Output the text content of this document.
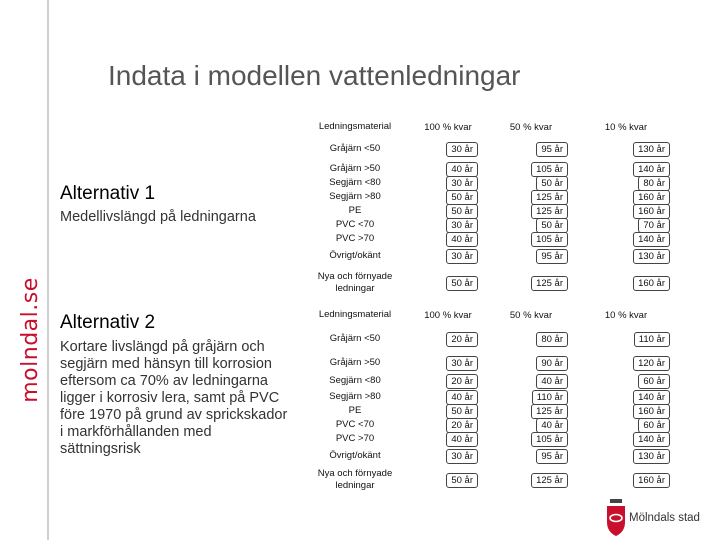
molndal.se
Indata i modellen vattenledningar
Alternativ 1
Medellivslängd på ledningarna
Alternativ 2
Kortare livslängd på gråjärn och segjärn med hänsyn till korrosion eftersom ca 70% av ledningarna ligger i korrosiv lera, samt på PVC före 1970 på grund av sprickskador i markförhållanden med sättningsrisk
Ledningsmaterial	100 % kvar	50 % kvar	10 % kvar
Gråjärn <50	30 år	95 år	130 år
Gråjärn >50	40 år	105 år	140 år
Segjärn <80	30 år	50 år	80 år
Segjärn >80	50 år	125 år	160 år
PE	50 år	125 år	160 år
PVC <70	30 år	50 år	70 år
PVC >70	40 år	105 år	140 år
Övrigt/okänt	30 år	95 år	130 år
Nya och förnyade ledningar	50 år	125 år	160 år
Ledningsmaterial	100 % kvar	50 % kvar	10 % kvar
Gråjärn <50	20 år	80 år	110 år
Gråjärn >50	30 år	90 år	120 år
Segjärn <80	20 år	40 år	60 år
Segjärn >80	40 år	110 år	140 år
PE	50 år	125 år	160 år
PVC <70	20 år	40 år	60 år
PVC >70	40 år	105 år	140 år
Övrigt/okänt	30 år	95 år	130 år
Nya och förnyade ledningar	50 år	125 år	160 år
Mölndals stad
